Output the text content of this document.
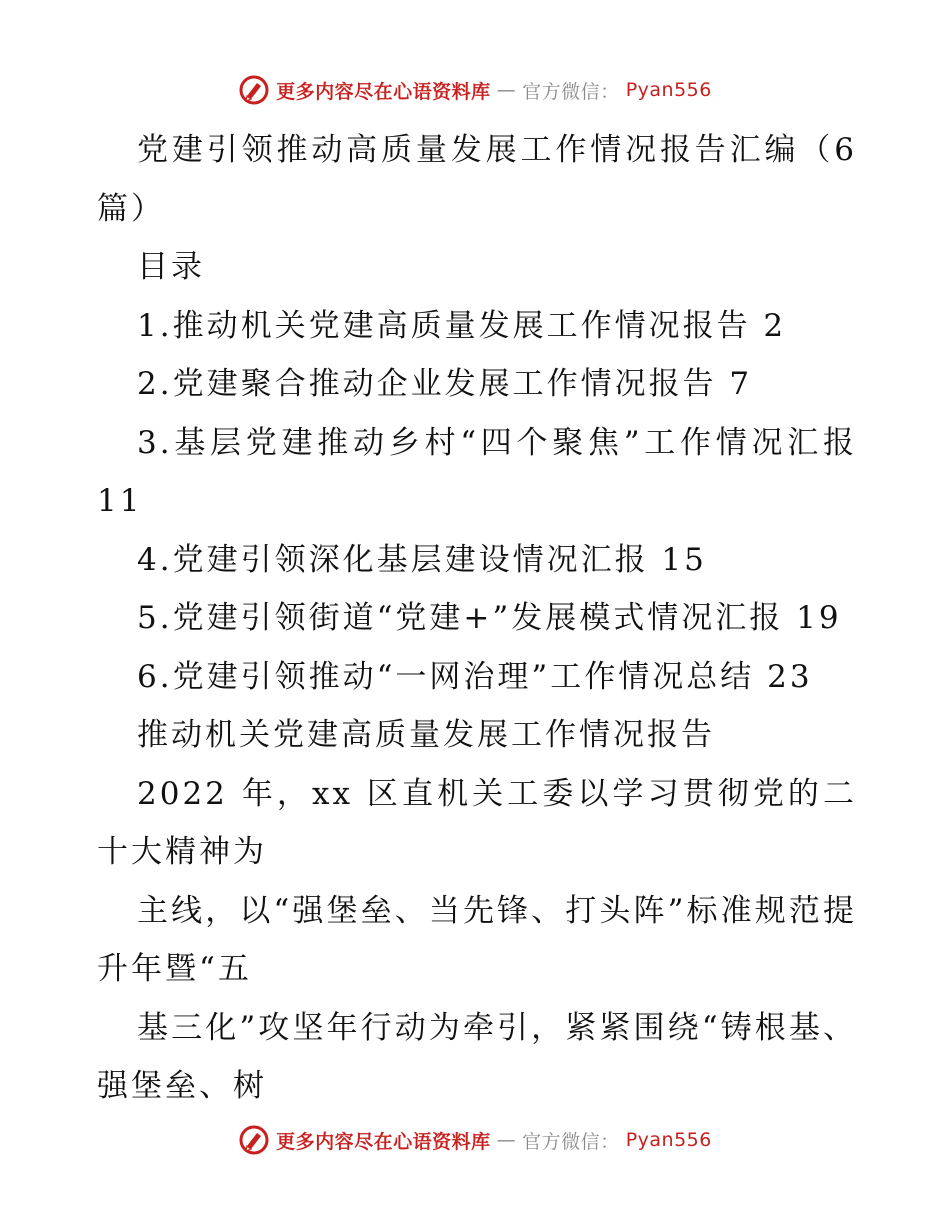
更多内容尽在心语资料库 — 官方微信： Pyan556

党建引领推动高质量发展工作情况报告汇编（6篇）

目录

1.推动机关党建高质量发展工作情况报告 2

2.党建聚合推动企业发展工作情况报告 7

3.基层党建推动乡村“四个聚焦”工作情况汇报 11

4.党建引领深化基层建设情况汇报 15

5.党建引领街道“党建+”发展模式情况汇报 19

6.党建引领推动“一网治理”工作情况总结 23

推动机关党建高质量发展工作情况报告

2022 年，xx 区直机关工委以学习贯彻党的二十大精神为

主线，以“强堡垒、当先锋、打头阵”标准规范提升年暨“五

基三化”攻坚年行动为牵引，紧紧围绕“铸根基、强堡垒、树

更多内容尽在心语资料库 — 官方微信： Pyan556
